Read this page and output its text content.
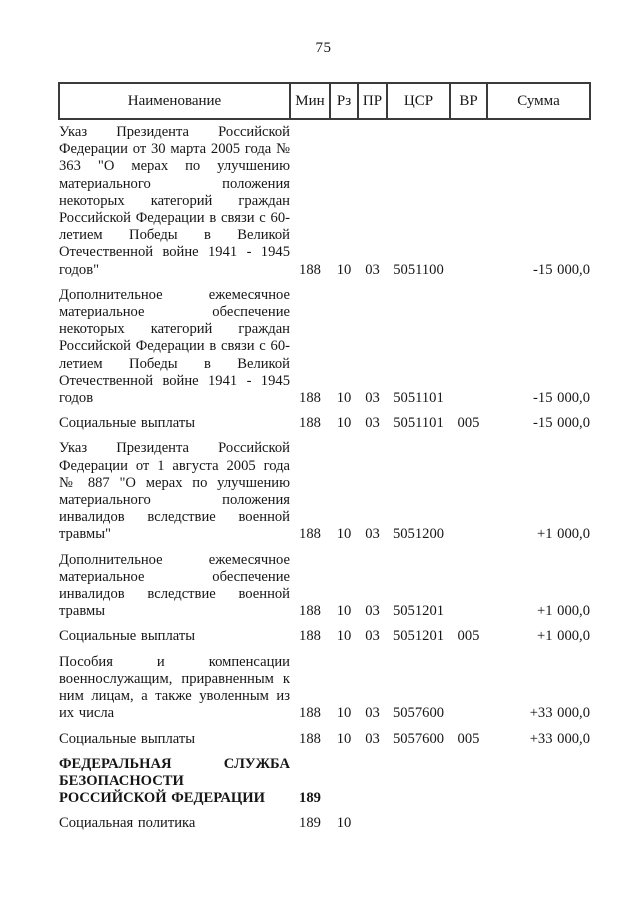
75
Наименование	Мин	Рз	ПР	ЦСР	ВР	Сумма
Указ Президента Российской Федерации от 30 марта 2005 года № 363 "О мерах по улучшению материального положения некоторых категорий граждан Российской Федерации в связи с 60-летием Победы в Великой Отечественной войне 1941 - 1945 годов"	188	10	03	5051100		-15 000,0
Дополнительное ежемесячное материальное обеспечение некоторых категорий граждан Российской Федерации в связи с 60-летием Победы в Великой Отечественной войне 1941 - 1945 годов	188	10	03	5051101		-15 000,0
Социальные выплаты	188	10	03	5051101	005	-15 000,0
Указ Президента Российской Федерации от 1 августа 2005 года № 887 "О мерах по улучшению материального положения инвалидов вследствие военной травмы"	188	10	03	5051200		+1 000,0
Дополнительное ежемесячное материальное обеспечение инвалидов вследствие военной травмы	188	10	03	5051201		+1 000,0
Социальные выплаты	188	10	03	5051201	005	+1 000,0
Пособия и компенсации военнослужащим, приравненным к ним лицам, а также уволенным из их числа	188	10	03	5057600		+33 000,0
Социальные выплаты	188	10	03	5057600	005	+33 000,0
ФЕДЕРАЛЬНАЯ СЛУЖБА БЕЗОПАСНОСТИ РОССИЙСКОЙ ФЕДЕРАЦИИ	189					
Социальная политика	189	10				
